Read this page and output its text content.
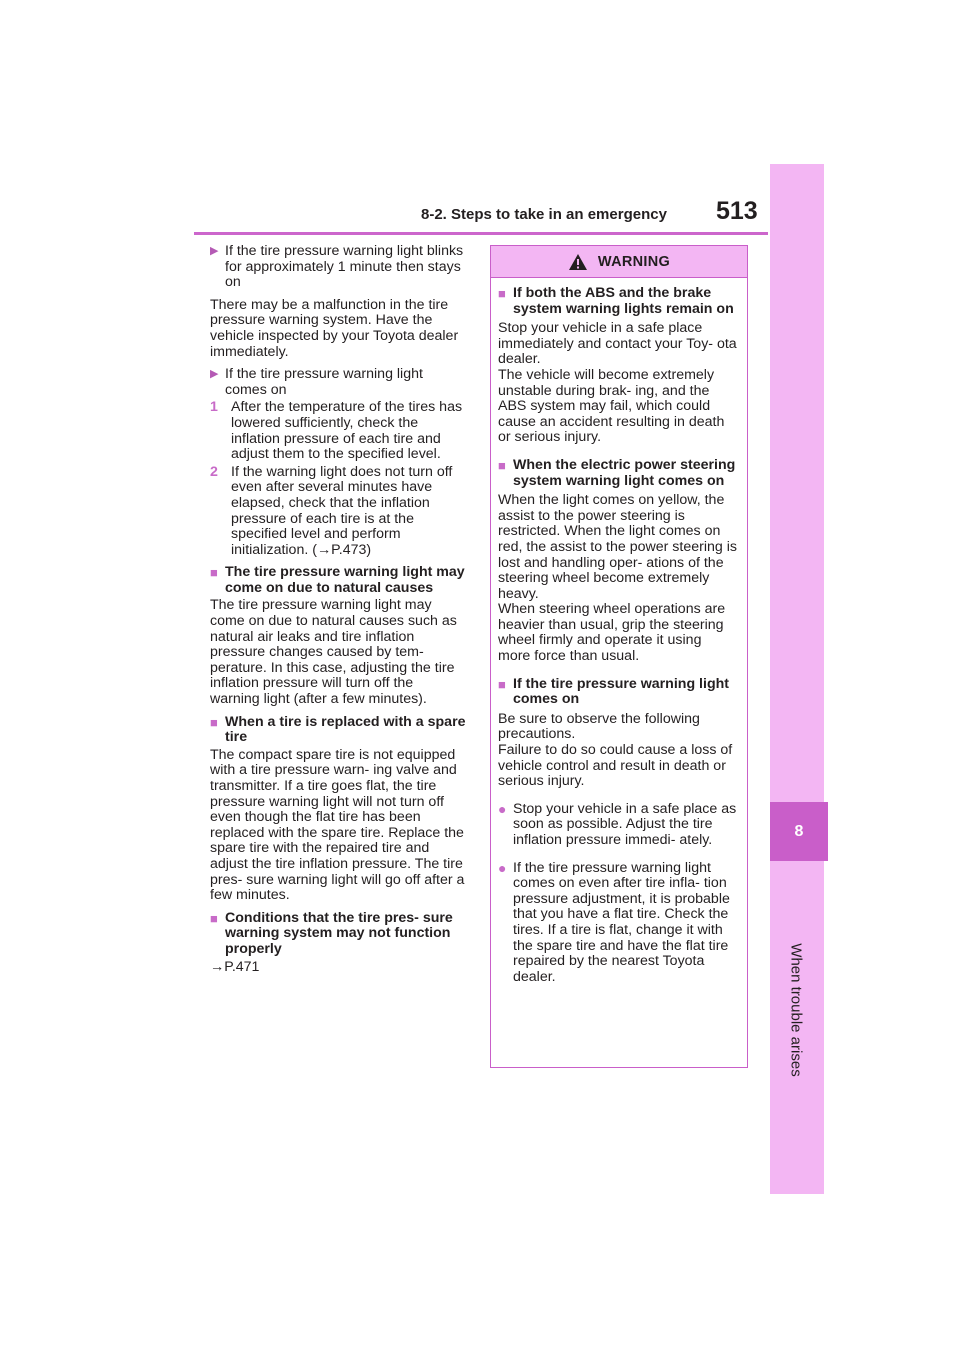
8-2. Steps to take in an emergency 513
8
When trouble arises
▶ If the tire pressure warning light blinks for approximately 1 minute then stays on

There may be a malfunction in the tire pressure warning system. Have the vehicle inspected by your Toyota dealer immediately.

▶ If the tire pressure warning light comes on
1 After the temperature of the tires has lowered sufficiently, check the inflation pressure of each tire and adjust them to the specified level.
2 If the warning light does not turn off even after several minutes have elapsed, check that the inflation pressure of each tire is at the specified level and perform initialization. (→P.473)
■ The tire pressure warning light may come on due to natural causes

The tire pressure warning light may come on due to natural causes such as natural air leaks and tire inflation pressure changes caused by tem- perature. In this case, adjusting the tire inflation pressure will turn off the warning light (after a few minutes).

■ When a tire is replaced with a spare tire

The compact spare tire is not equipped with a tire pressure warn- ing valve and transmitter. If a tire goes flat, the tire pressure warning light will not turn off even though the flat tire has been replaced with the spare tire. Replace the spare tire with the repaired tire and adjust the tire inflation pressure. The tire pres- sure warning light will go off after a few minutes.

■ Conditions that the tire pres- sure warning system may not function properly

→P.471

WARNING
■ If both the ABS and the brake system warning lights remain on

Stop your vehicle in a safe place immediately and contact your Toy- ota dealer.

The vehicle will become extremely unstable during brak- ing, and the ABS system may fail, which could cause an accident resulting in death or serious injury.

■ When the electric power steering system warning light comes on

When the light comes on yellow, the assist to the power steering is restricted. When the light comes on red, the assist to the power steering is lost and handling oper- ations of the steering wheel become extremely heavy.

When steering wheel operations are heavier than usual, grip the steering wheel firmly and operate it using more force than usual.

■ If the tire pressure warning light comes on

Be sure to observe the following precautions.

Failure to do so could cause a loss of vehicle control and result in death or serious injury.

● Stop your vehicle in a safe place as soon as possible. Adjust the tire inflation pressure immedi- ately.
● If the tire pressure warning light comes on even after tire infla- tion pressure adjustment, it is probable that you have a flat tire. Check the tires. If a tire is flat, change it with the spare tire and have the flat tire repaired by the nearest Toyota dealer.
